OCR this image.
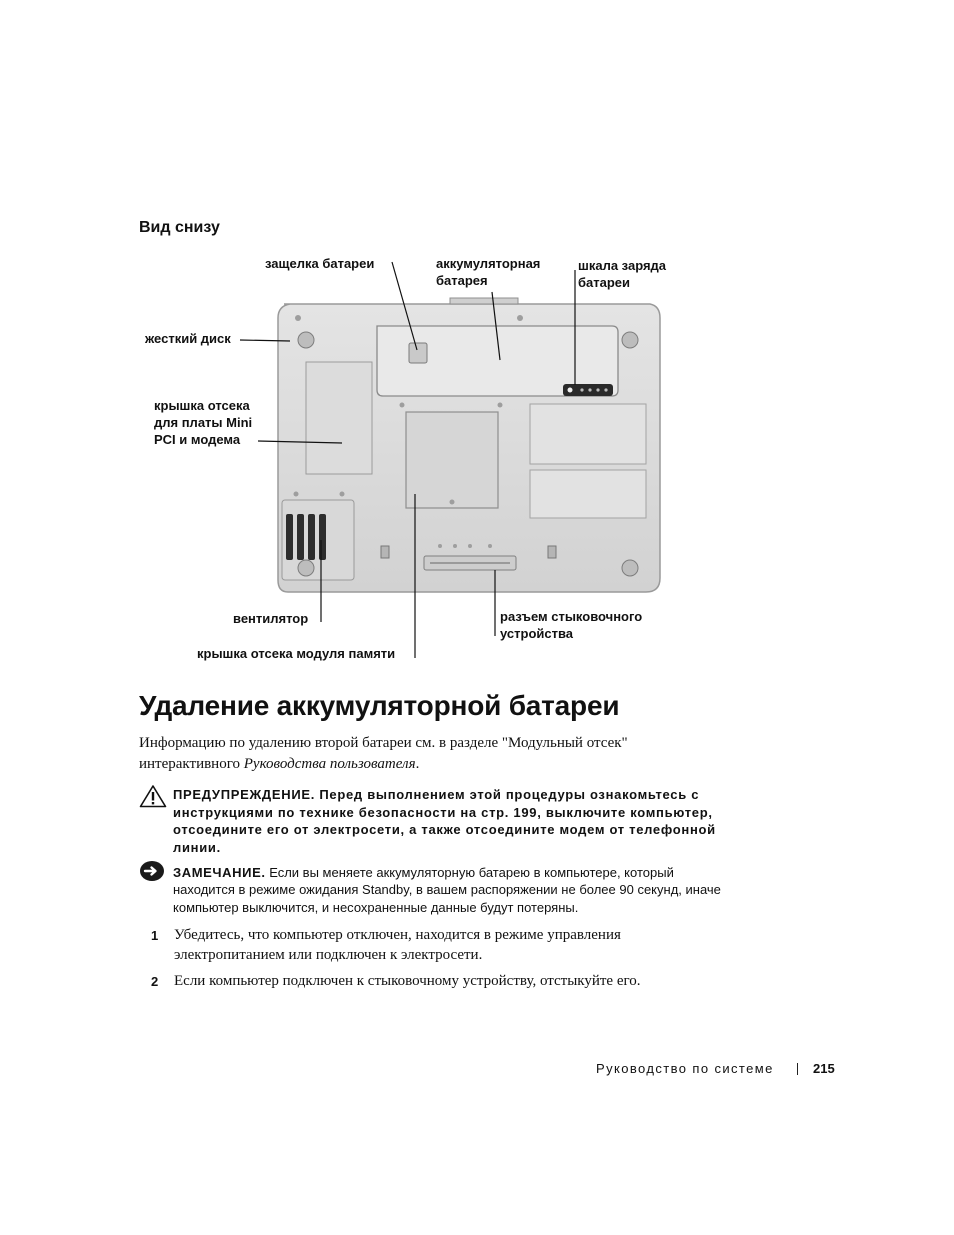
Вид снизу
защелка батареи	аккумуляторная
батарея
шкала заряда
батареи
жесткий диск
крышка отсека
для платы Mini
PCI и модема
вентилятор
крышка отсека модуля памяти
разъем стыковочного
устройства
Удаление аккумуляторной батареи
Информацию по удалению второй батареи см. в разделе "Модульный отсек" интерактивного Руководства пользователя.
ПРЕДУПРЕЖДЕНИЕ. Перед выполнением этой процедуры ознакомьтесь с инструкциями по технике безопасности на стр. 199, выключите компьютер, отсоедините его от электросети, а также отсоедините модем от телефонной линии.
ЗАМЕЧАНИЕ. Если вы меняете аккумуляторную батарею в компьютере, который находится в режиме ожидания Standby, в вашем распоряжении не более 90 секунд, иначе компьютер выключится, и несохраненные данные будут потеряны.
1 Убедитесь, что компьютер отключен, находится в режиме управления электропитанием или подключен к электросети.
2 Если компьютер подключен к стыковочному устройству, отстыкуйте его.
Руководство по системе	215
